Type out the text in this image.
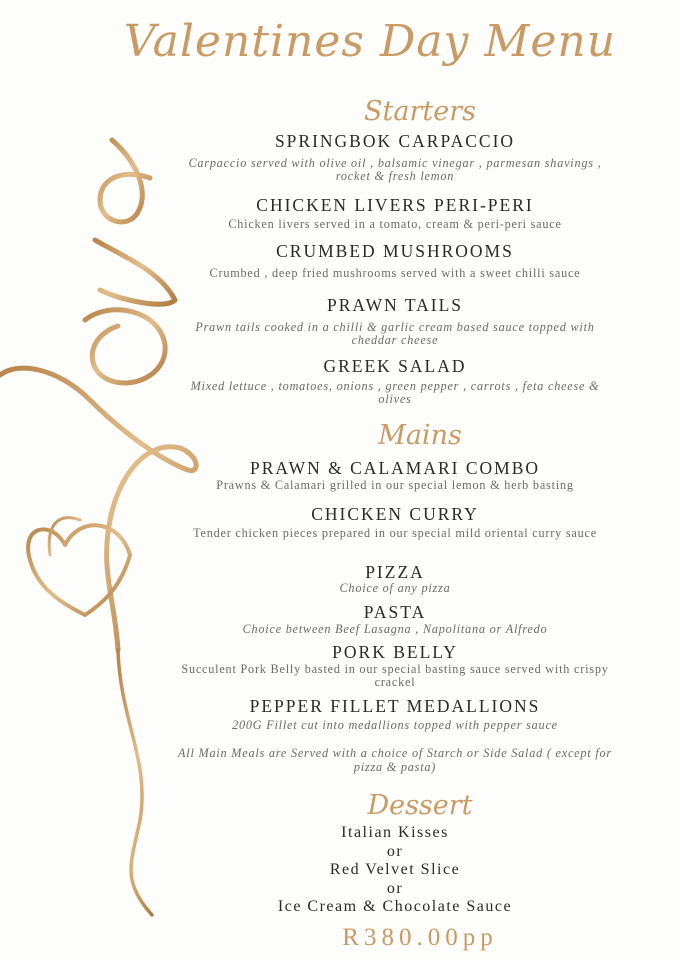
Valentines Day Menu
Starters
SPRINGBOK CARPACCIO
Carpaccio served with olive oil , balsamic vinegar , parmesan shavings , rocket & fresh lemon
CHICKEN LIVERS PERI-PERI
Chicken livers served in a tomato, cream & peri-peri sauce
CRUMBED MUSHROOMS
Crumbed , deep fried mushrooms served with a sweet chilli sauce
PRAWN TAILS
Prawn tails cooked in a chilli & garlic cream based sauce topped with cheddar cheese
GREEK SALAD
Mixed lettuce , tomatoes, onions , green pepper , carrots , feta cheese & olives
Mains
PRAWN & CALAMARI COMBO
Prawns & Calamari grilled in our special lemon & herb basting
CHICKEN CURRY
Tender chicken pieces prepared in our special mild oriental curry sauce
PIZZA
Choice of any pizza
PASTA
Choice between Beef Lasagna , Napolitana or Alfredo
PORK BELLY
Succulent Pork Belly basted in our special basting sauce served with crispy crackel
PEPPER FILLET MEDALLIONS
200G Fillet cut into medallions topped with pepper sauce
All Main Meals are Served with a choice of Starch or Side Salad ( except for pizza & pasta)
Dessert
Italian Kisses
or
Red Velvet Slice
or
Ice Cream & Chocolate Sauce
R380.00pp
